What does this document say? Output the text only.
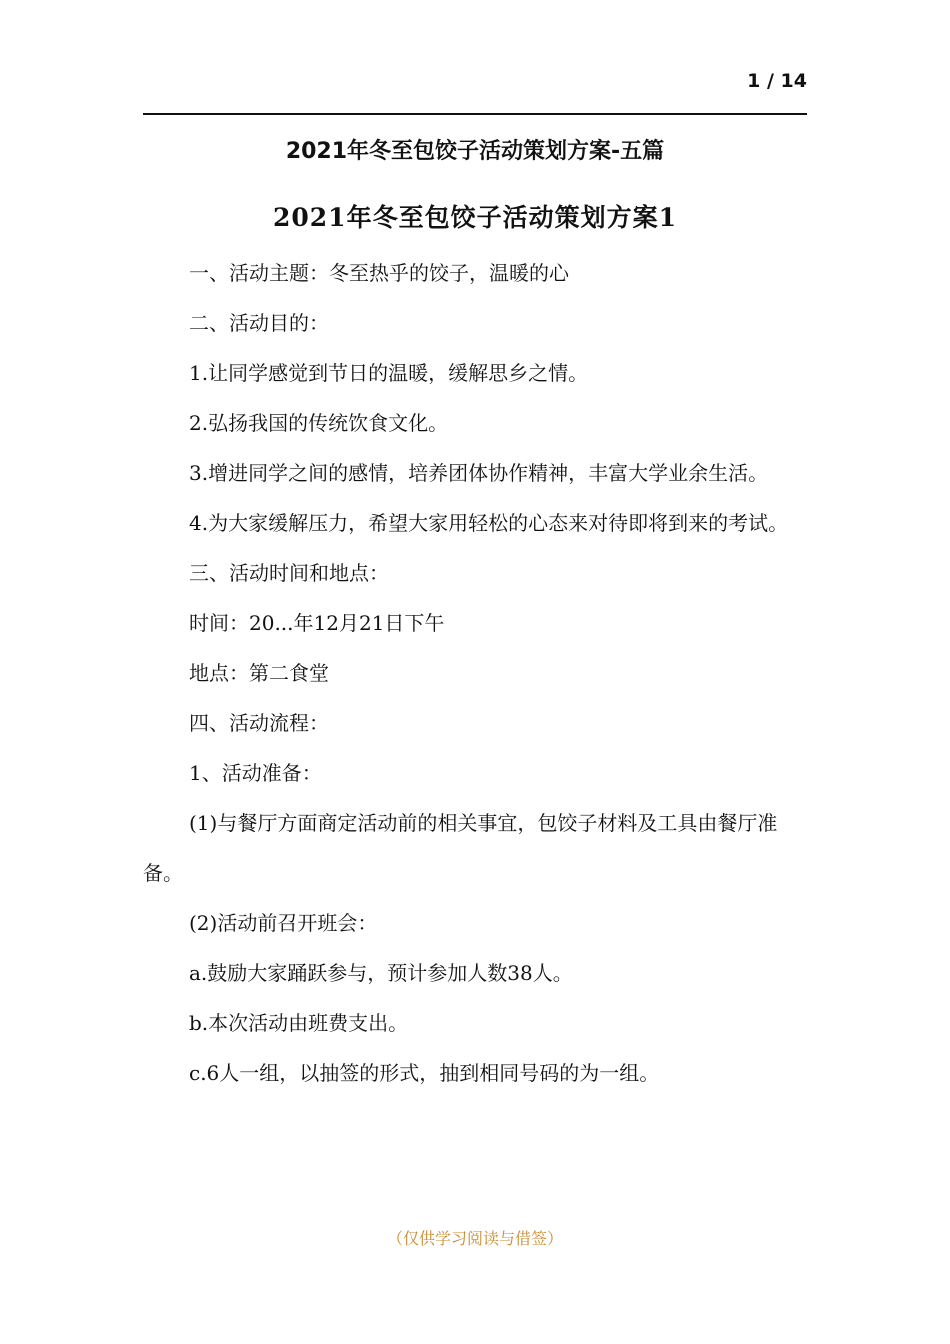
1 / 14
2021年冬至包饺子活动策划方案-五篇
2021年冬至包饺子活动策划方案1

一、活动主题：冬至热乎的饺子，温暖的心

二、活动目的：

1.让同学感觉到节日的温暖，缓解思乡之情。

2.弘扬我国的传统饮食文化。

3.增进同学之间的感情，培养团体协作精神，丰富大学业余生活。

4.为大家缓解压力，希望大家用轻松的心态来对待即将到来的考试。

三、活动时间和地点：

时间：20...年12月21日下午

地点：第二食堂

四、活动流程：

1、活动准备：

(1)与餐厅方面商定活动前的相关事宜，包饺子材料及工具由餐厅准备。

(2)活动前召开班会：

a.鼓励大家踊跃参与，预计参加人数38人。

b.本次活动由班费支出。

c.6人一组，以抽签的形式，抽到相同号码的为一组。

（仅供学习阅读与借签）
